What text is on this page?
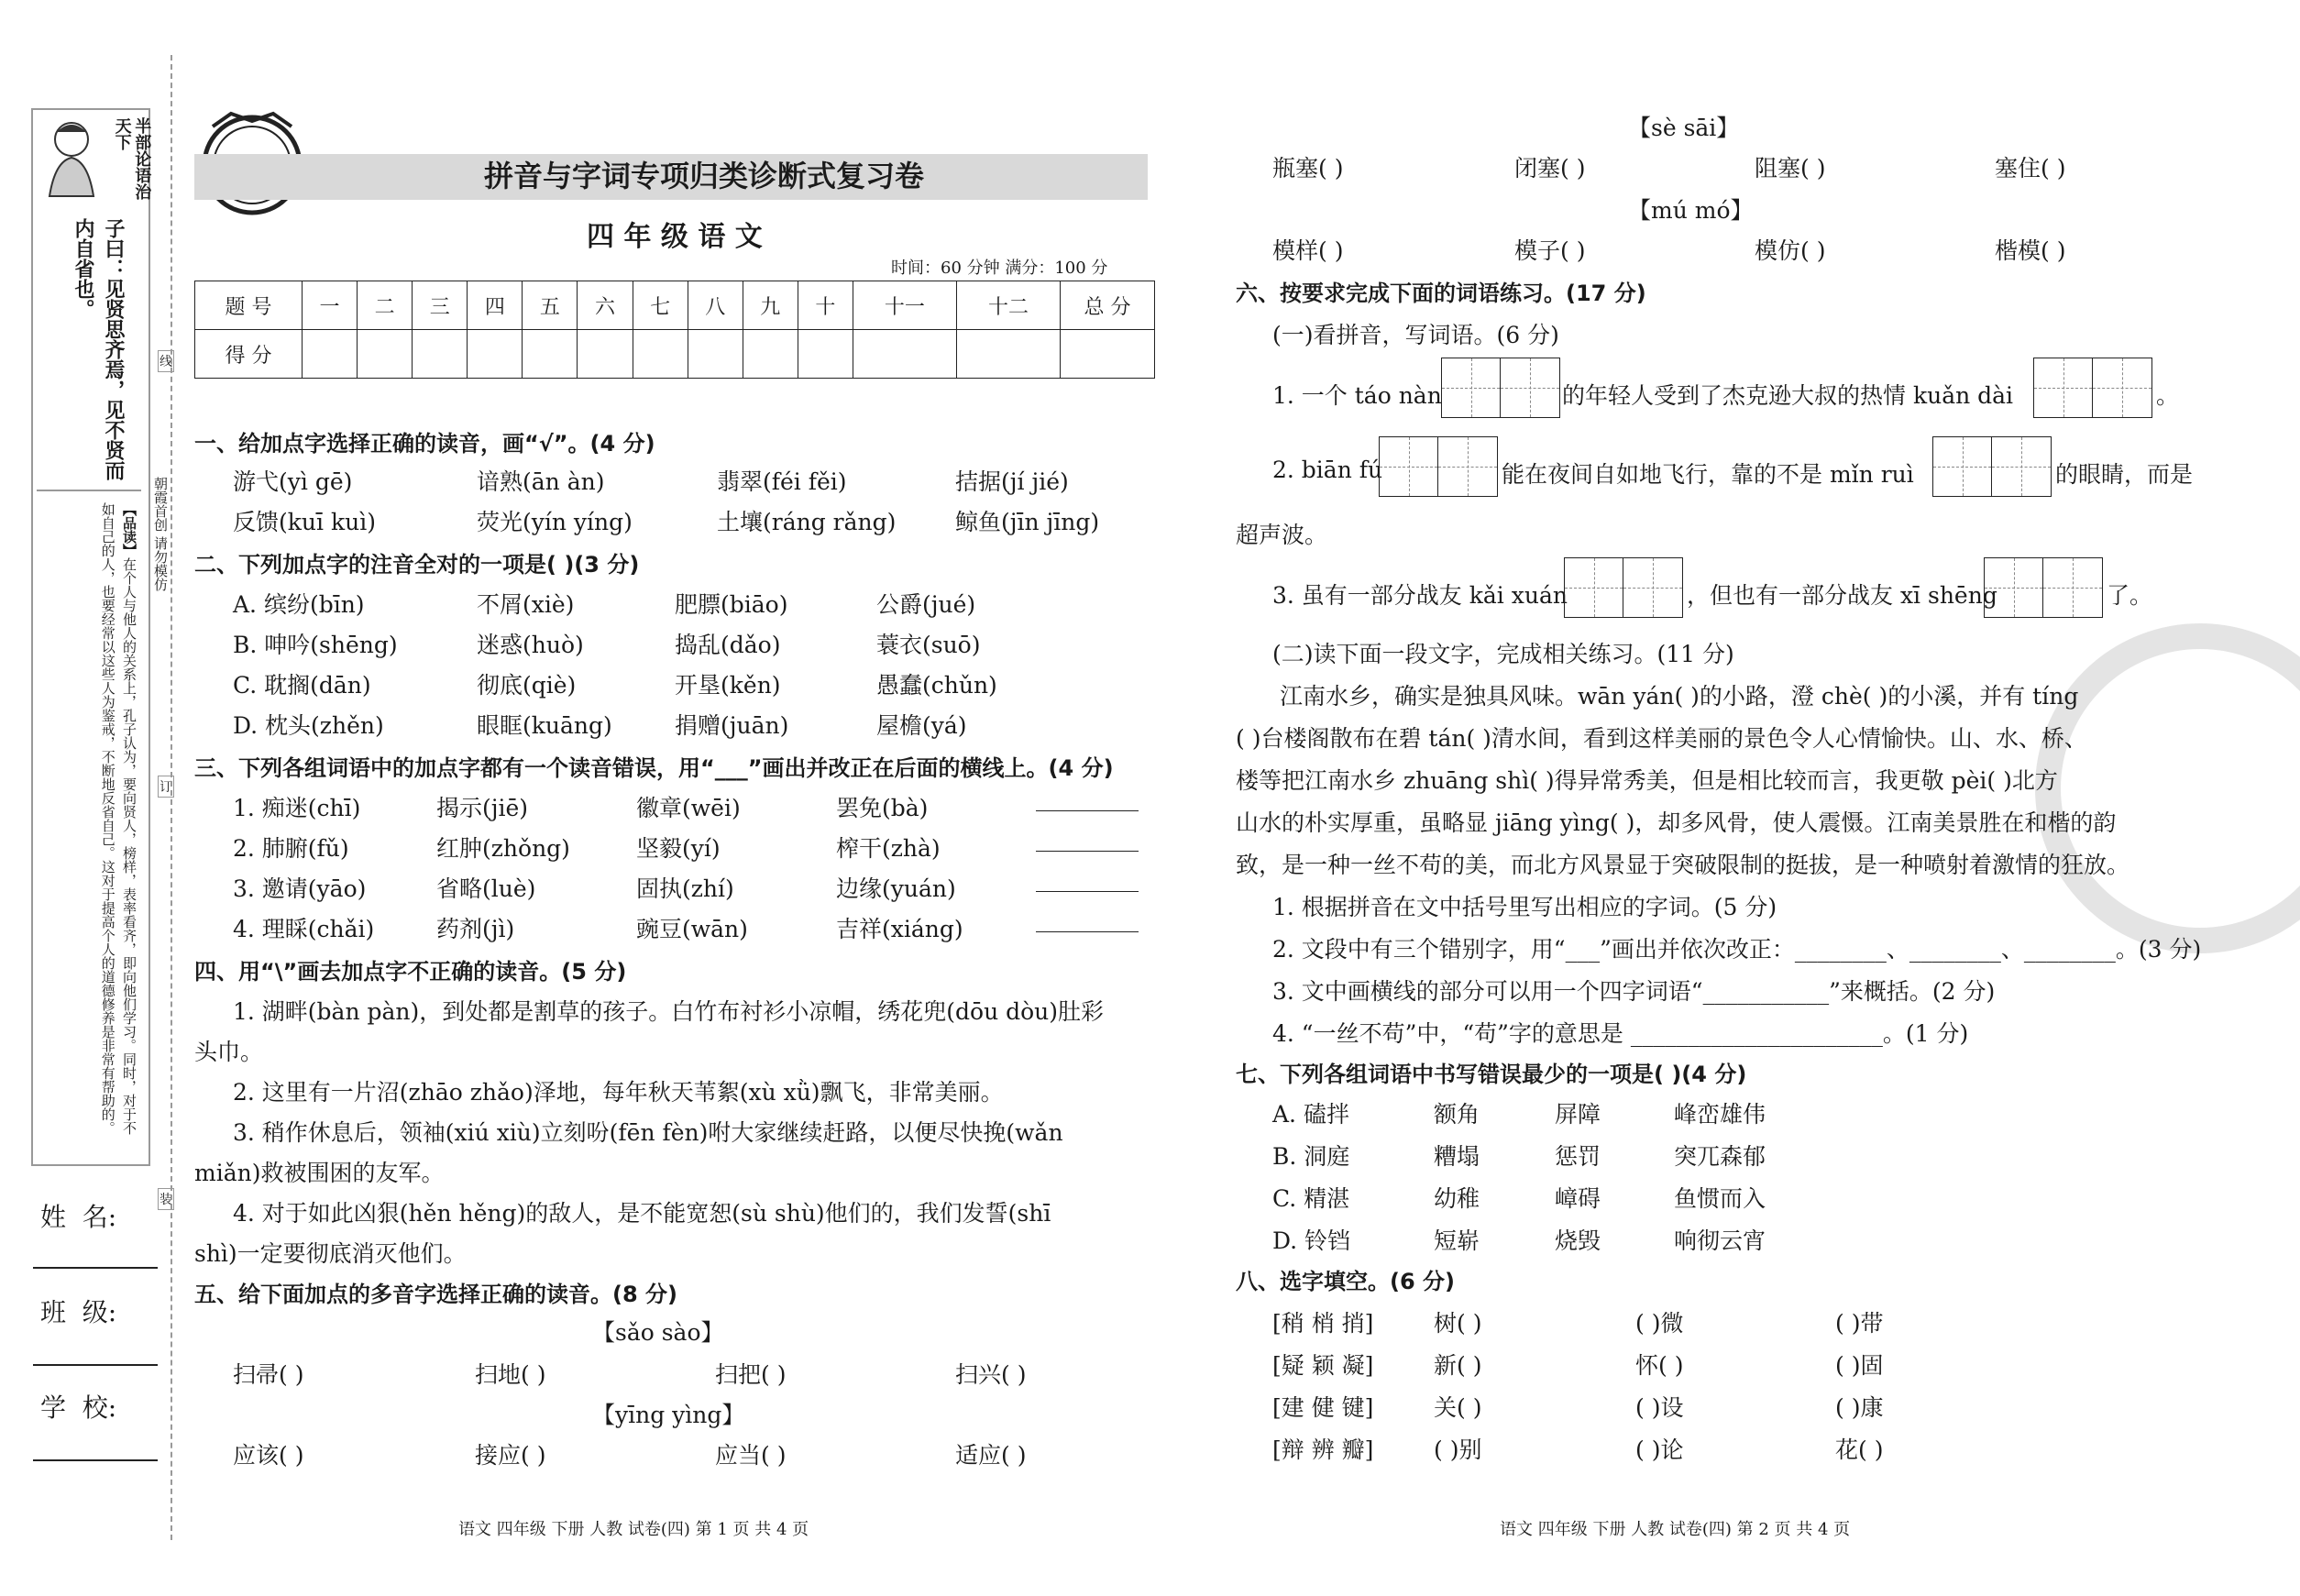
半部论语治天下
子曰：见贤思齐焉，见不贤而内自省也。
【品读】在个人与他人的关系上，孔子认为，要向贤人，榜样，表率看齐，即向他们学习。同时，对于不如自己的人，也要经常以这些人为鉴戒，不断地反省自己。这对于提高个人的道德修养是非常有帮助的。	朝霞首创 请勿模仿
线
订
装
姓  名:
班  级:
学  校:
拼音与字词专项归类诊断式复习卷
四 年 级 语 文
时间：60 分钟 满分：100 分
题 号	一	二	三	四	五	六	七	八	九	十	十一	十二	总 分
得 分													
一、给加点字选择正确的读音，画“√”。(4 分)
游弋(yì gē)	谙熟(ān àn)	翡翠(féi fěi)	拮据(jí jié)
反馈(kuī kuì)	荧光(yín yíng)	土壤(ráng rǎng)	鲸鱼(jīn jīng)
二、下列加点字的注音全对的一项是( )(3 分)
A. 缤纷(bīn)	不屑(xiè)	肥膘(biāo)	公爵(jué)
B. 呻吟(shēng)	迷惑(huò)	捣乱(dǎo)	蓑衣(suō)
C. 耽搁(dān)	彻底(qiè)	开垦(kěn)	愚蠢(chǔn)
D. 枕头(zhěn)	眼眶(kuāng)	捐赠(juān)	屋檐(yá)
三、下列各组词语中的加点字都有一个读音错误，用“___”画出并改正在后面的横线上。(4 分)
1. 痴迷(chī)	揭示(jiē)	徽章(wēi)	罢免(bà)
2. 肺腑(fǔ)	红肿(zhǒng)	坚毅(yí)	榨干(zhà)
3. 邀请(yāo)	省略(luè)	固执(zhí)	边缘(yuán)
4. 理睬(chǎi)	药剂(jì)	豌豆(wān)	吉祥(xiáng)
四、用“\”画去加点字不正确的读音。(5 分)
1. 湖畔(bàn pàn)，到处都是割草的孩子。白竹布衬衫小凉帽，绣花兜(dōu dòu)肚彩
头巾。
2. 这里有一片沼(zhāo zhǎo)泽地，每年秋天苇絮(xù xǜ)飘飞，非常美丽。
3. 稍作休息后，领袖(xiú xiù)立刻吩(fēn fèn)咐大家继续赶路，以便尽快挽(wǎn
miǎn)救被围困的友军。
4. 对于如此凶狠(hěn hěng)的敌人，是不能宽恕(sù shù)他们的，我们发誓(shī
shì)一定要彻底消灭他们。
五、给下面加点的多音字选择正确的读音。(8 分)
【sǎo sào】
扫帚( )	扫地( )	扫把( )	扫兴( )
【yīng yìng】
应该( )	接应( )	应当( )	适应( )
语文 四年级 下册 人教 试卷(四) 第 1 页 共 4 页
【sè sāi】
瓶塞( )	闭塞( )	阻塞( )	塞住( )
【mú mó】
模样( )	模子( )	模仿( )	楷模( )
六、按要求完成下面的词语练习。(17 分)
(一)看拼音，写词语。(6 分)
1. 一个 táo nàn	的年轻人受到了杰克逊大叔的热情 kuǎn dài	。
2. biān fú	能在夜间自如地飞行，靠的不是 mǐn ruì	的眼睛，而是
超声波。
3. 虽有一部分战友 kǎi xuán	，但也有一部分战友 xī shēng	了。
(二)读下面一段文字，完成相关练习。(11 分)
江南水乡，确实是独具风味。wān yán( )的小路，澄 chè( )的小溪，并有 tíng
( )台楼阁散布在碧 tán( )清水间，看到这样美丽的景色令人心情愉快。山、水、桥、
楼等把江南水乡 zhuāng shì( )得异常秀美，但是相比较而言，我更敬 pèi( )北方
山水的朴实厚重，虽略显 jiāng yìng( )，却多风骨，使人震慑。江南美景胜在和楷的韵
致，是一种一丝不苟的美，而北方风景显于突破限制的挺拔，是一种喷射着激情的狂放。
1. 根据拼音在文中括号里写出相应的字词。(5 分)
2. 文段中有三个错别字，用“___”画出并依次改正：________、________、________。(3 分)
3. 文中画横线的部分可以用一个四字词语“___________”来概括。(2 分)
4. “一丝不苟”中，“苟”字的意思是 ______________________。(1 分)
七、下列各组词语中书写错误最少的一项是( )(4 分)
A. 磕拌	额角	屏障	峰峦雄伟
B. 洞庭	糟塌	惩罚	突兀森郁
C. 精湛	幼稚	嶂碍	鱼惯而入
D. 铃铛	短崭	烧毁	响彻云宵
八、选字填空。(6 分)
[稍 梢 捎]	树( )	( )微	( )带
[疑 颖 凝]	新( )	怀( )	( )固
[建 健 键]	关( )	( )设	( )康
[辩 辨 瓣]	( )别	( )论	花( )
语文 四年级 下册 人教 试卷(四) 第 2 页 共 4 页
